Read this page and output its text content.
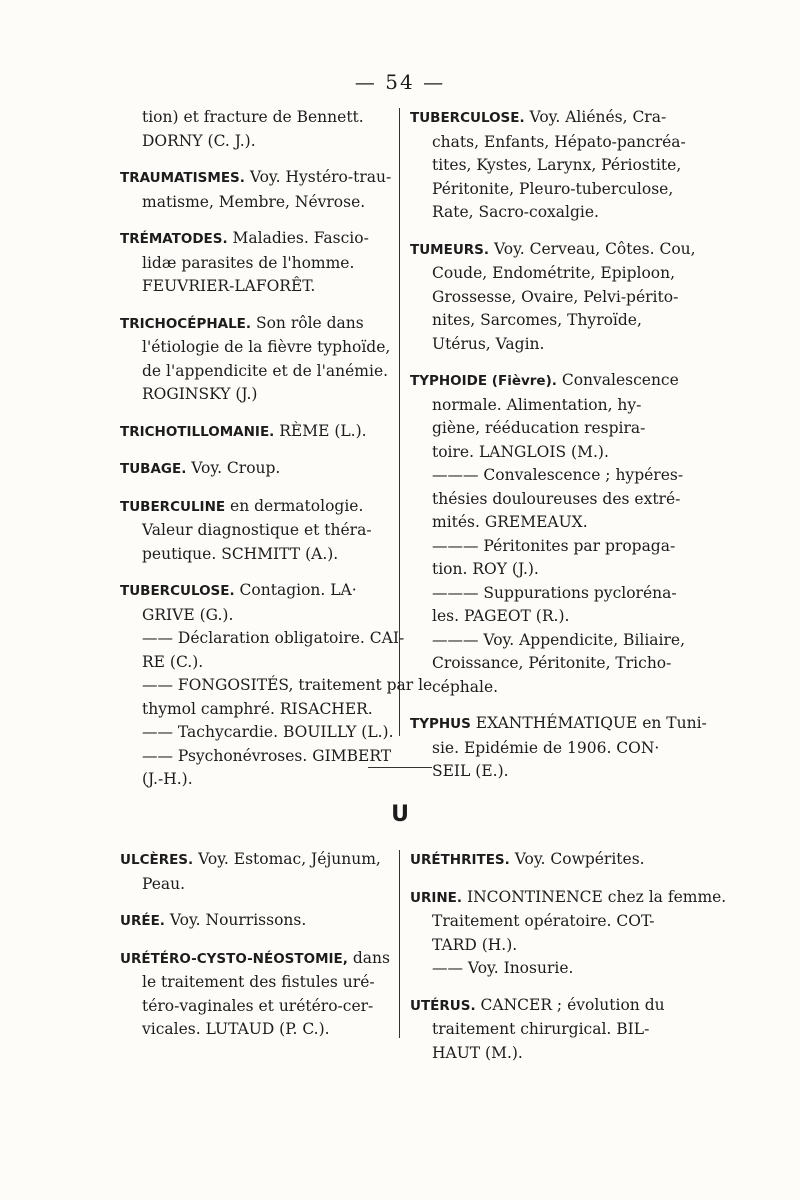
— 54 —
U
tion) et fracture de Bennett.
DORNY (C. J.).
TRAUMATISMES. Voy. Hystéro-trau-
matisme, Membre, Névrose.
TRÉMATODES. Maladies. Fascio-
lidæ parasites de l'homme.
FEUVRIER-LAFORÊT.
TRICHOCÉPHALE. Son rôle dans
l'étiologie de la fièvre typhoïde,
de l'appendicite et de l'anémie.
ROGINSKY (J.)
TRICHOTILLOMANIE. RÈME (L.).
TUBAGE. Voy. Croup.
TUBERCULINE en dermatologie.
Valeur diagnostique et théra-
peutique. SCHMITT (A.).
TUBERCULOSE. Contagion. LA·
GRIVE (G.).
—— Déclaration obligatoire. CAI-
RE (C.).
—— FONGOSITÉS, traitement par le
thymol camphré. RISACHER.
—— Tachycardie. BOUILLY (L.).
—— Psychonévroses. GIMBERT
(J.-H.).
TUBERCULOSE. Voy. Aliénés, Cra-
chats, Enfants, Hépato-pancréa-
tites, Kystes, Larynx, Périostite,
Péritonite, Pleuro-tuberculose,
Rate, Sacro-coxalgie.
TUMEURS. Voy. Cerveau, Côtes. Cou,
Coude, Endométrite, Epiploon,
Grossesse, Ovaire, Pelvi-périto-
nites, Sarcomes, Thyroïde,
Utérus, Vagin.
TYPHOIDE (Fièvre). Convalescence
normale. Alimentation, hy-
giène, rééducation respira-
toire. LANGLOIS (M.).
——— Convalescence ; hypéres-
thésies douloureuses des extré-
mités. GREMEAUX.
——— Péritonites par propaga-
tion. ROY (J.).
——— Suppurations pyclorénа-
les. PAGEOT (R.).
——— Voy. Appendicite, Biliaire,
Croissance, Péritonite, Tricho-
céphale.
TYPHUS EXANTHÉMATIQUE en Tuni-
sie. Epidémie de 1906. CON·
SEIL (E.).
ULCÈRES. Voy. Estomac, Jéjunum,
Peau.
URÉE. Voy. Nourrissons.
URÉTÉRO-CYSTO-NÉOSTOMIE, dans
le traitement des fistules uré-
téro-vaginales et urétéro-cer-
vicales. LUTAUD (P. C.).
URÉTHRITES. Voy. Cowpérites.
URINE. INCONTINENCE chez la femme.
Traitement opératoire. COT-
TARD (H.).
—— Voy. Inosurie.
UTÉRUS. CANCER ; évolution du
traitement chirurgical. BIL-
HAUT (M.).
